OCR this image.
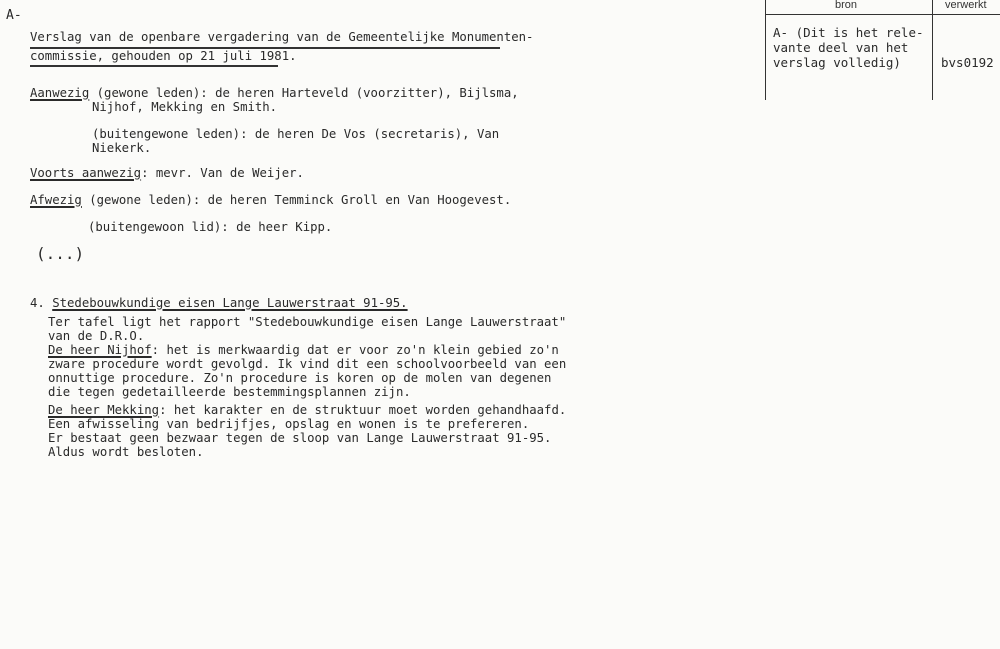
A-
bron	verwerkt
A- (Dit is het rele-
vante deel van het
verslag volledig)	bvs0192
Verslag van de openbare vergadering van de Gemeentelijke Monumenten-
commissie, gehouden op 21 juli 1981.
Aanwezig (gewone leden): de heren Harteveld (voorzitter), Bijlsma,
Nijhof, Mekking en Smith.
(buitengewone leden): de heren De Vos (secretaris), Van
Niekerk.
Voorts aanwezig: mevr. Van de Weijer.
Afwezig (gewone leden): de heren Temminck Groll en Van Hoogevest.
(buitengewoon lid): de heer Kipp.
(...)
4. Stedebouwkundige eisen Lange Lauwerstraat 91-95.
Ter tafel ligt het rapport "Stedebouwkundige eisen Lange Lauwerstraat"
van de D.R.O.
De heer Nijhof: het is merkwaardig dat er voor zo'n klein gebied zo'n
zware procedure wordt gevolgd. Ik vind dit een schoolvoorbeeld van een
onnuttige procedure. Zo'n procedure is koren op de molen van degenen
die tegen gedetailleerde bestemmingsplannen zijn.
De heer Mekking: het karakter en de struktuur moet worden gehandhaafd.
Een afwisseling van bedrijfjes, opslag en wonen is te prefereren.
Er bestaat geen bezwaar tegen de sloop van Lange Lauwerstraat 91-95.
Aldus wordt besloten.
